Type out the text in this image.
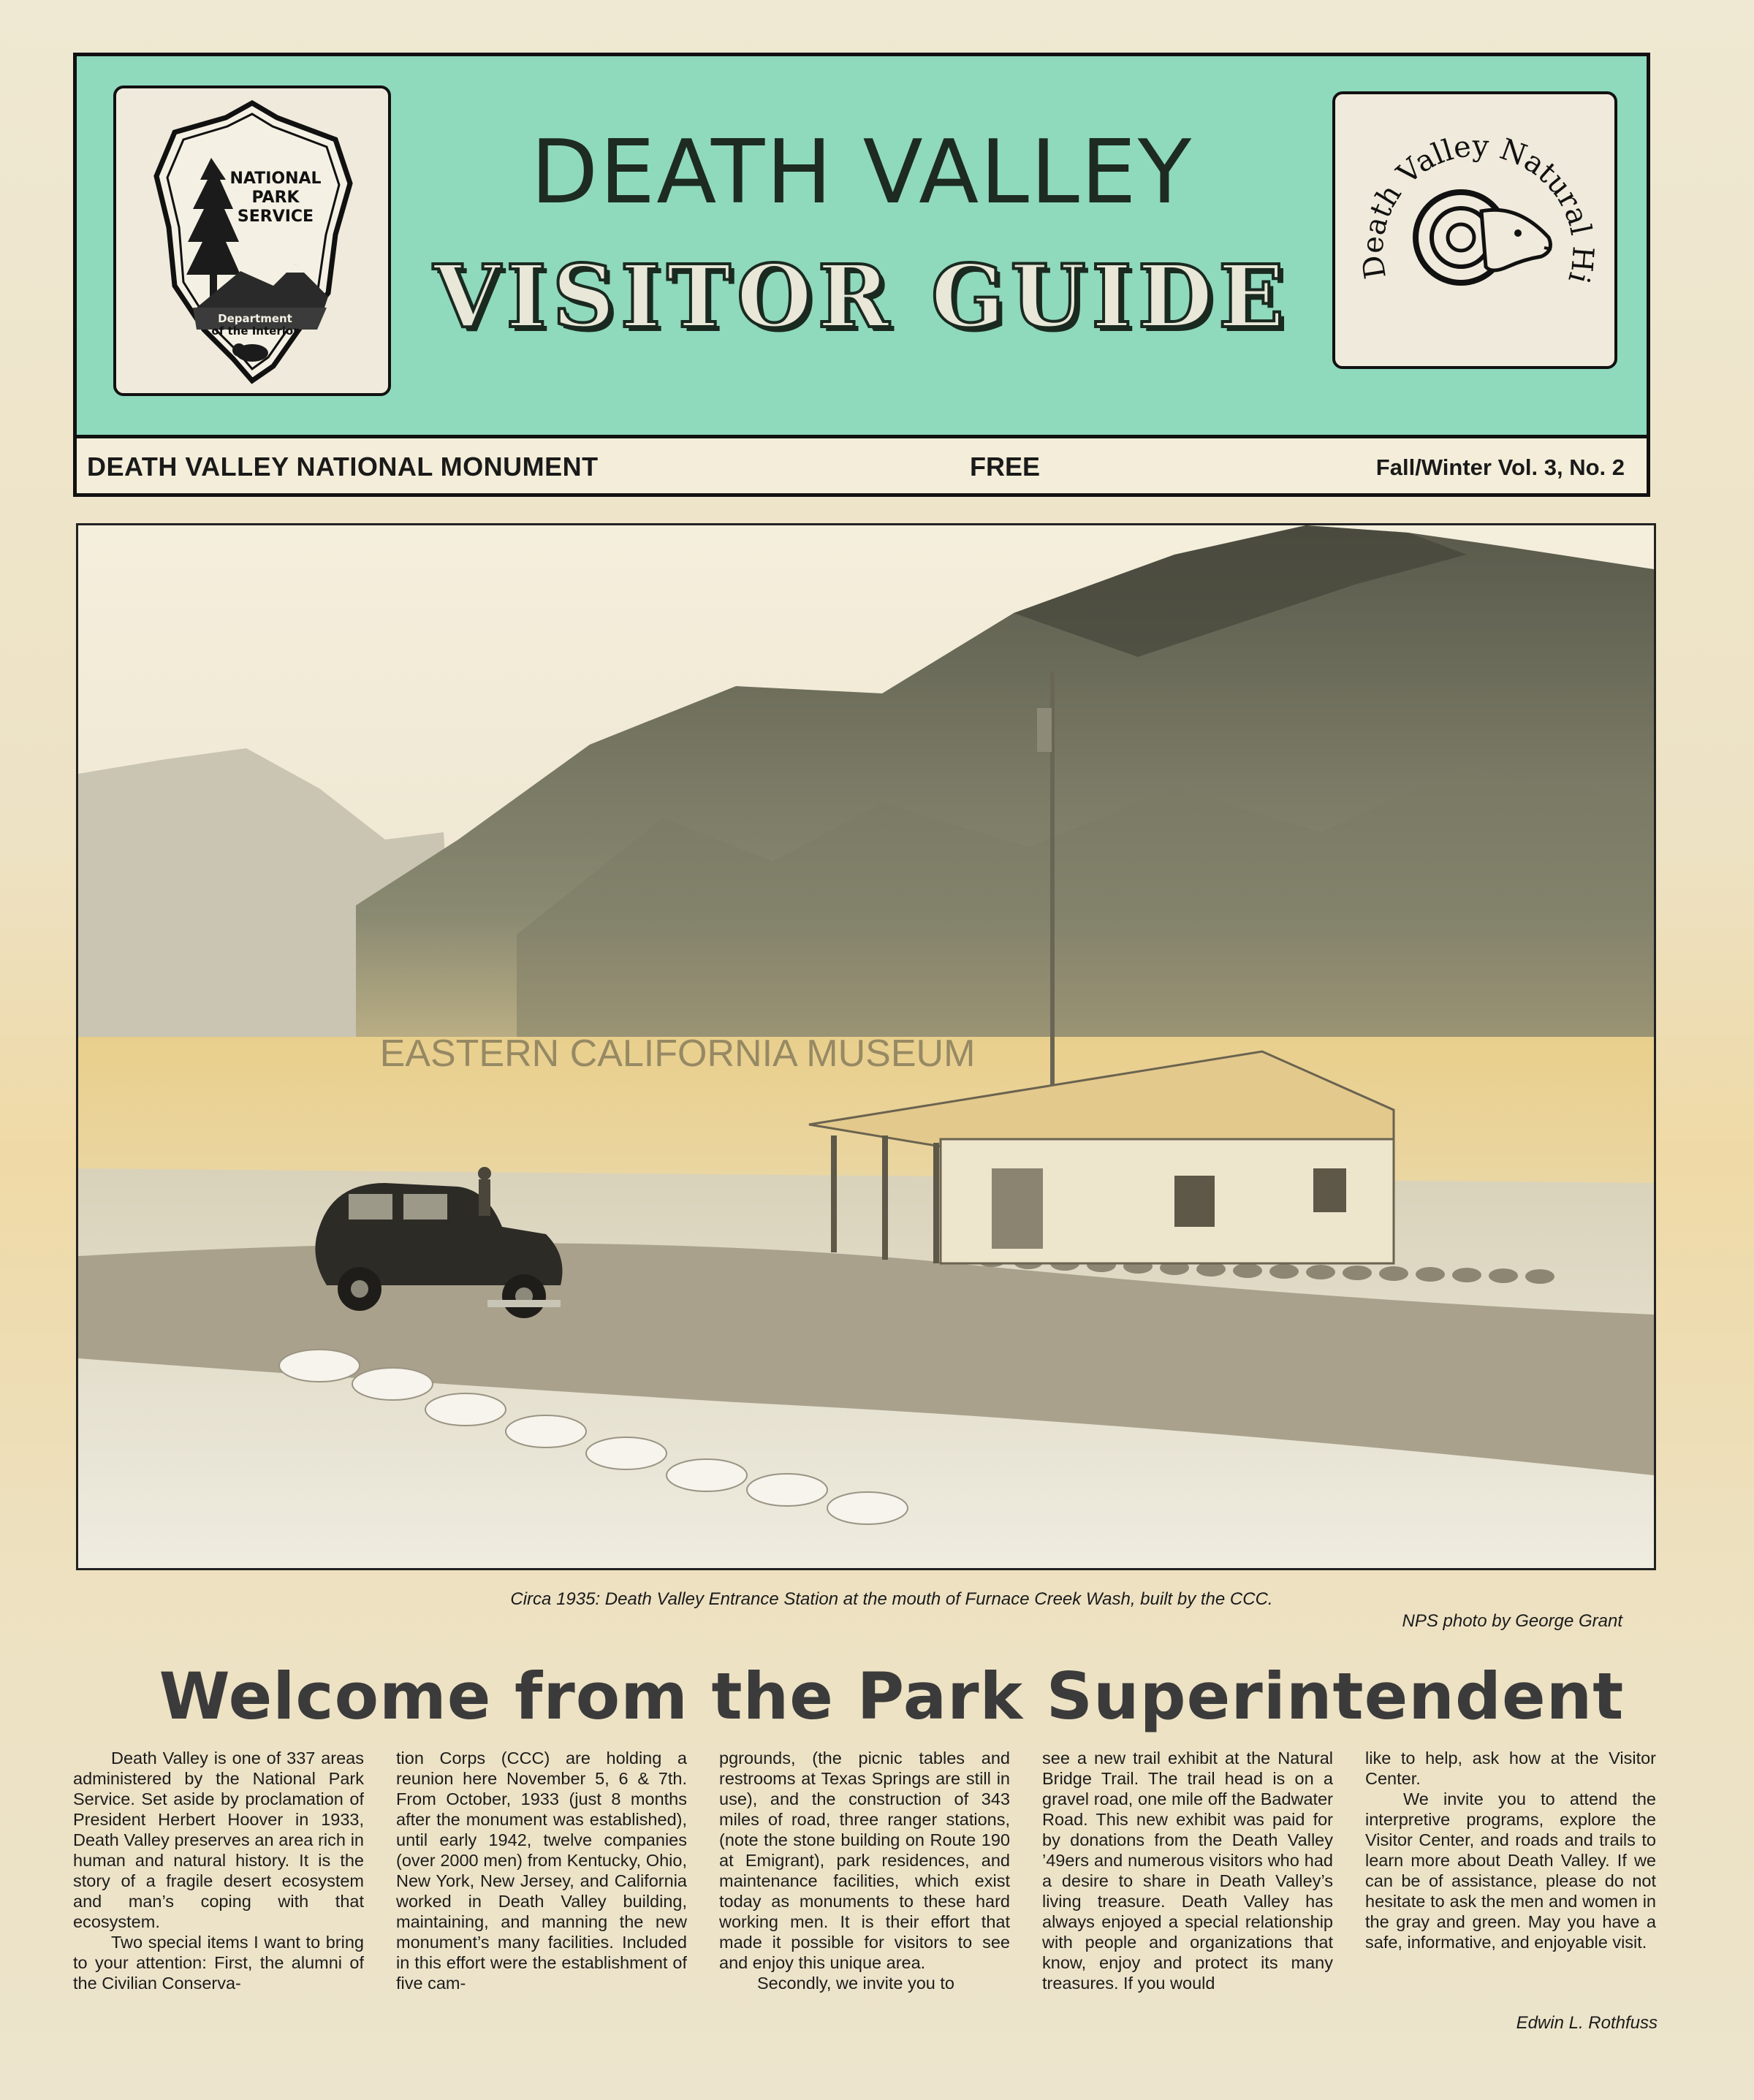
NATIONAL
PARK
SERVICE
Department
of the Interior
DEATH VALLEY
VISITOR GUIDE	Death Valley Natural Hi
DEATH VALLEY NATIONAL MONUMENT	FREE	Fall/Winter Vol. 3, No. 2
EASTERN CALIFORNIA MUSEUM
Circa 1935: Death Valley Entrance Station at the mouth of Furnace Creek Wash, built by the CCC.
NPS photo by George Grant
Welcome from the Park Superintendent

Death Valley is one of 337 areas administered by the National Park Service. Set aside by proclamation of President Herbert Hoover in 1933, Death Valley preserves an area rich in human and natural history. It is the story of a fragile desert ecosystem and man’s coping with that ecosystem.

Two special items I want to bring to your attention: First, the alumni of the Civilian Conserva-

tion Corps (CCC) are holding a reunion here November 5, 6 & 7th. From October, 1933 (just 8 months after the monument was established), until early 1942, twelve companies (over 2000 men) from Kentucky, Ohio, New York, New Jersey, and California worked in Death Valley building, maintaining, and manning the new monument’s many facilities. Included in this effort were the establishment of five cam-

pgrounds, (the picnic tables and restrooms at Texas Springs are still in use), and the construction of 343 miles of road, three ranger stations, (note the stone building on Route 190 at Emigrant), park residences, and maintenance facilities, which exist today as monuments to these hard working men. It is their effort that made it possible for visitors to see and enjoy this unique area.

Secondly, we invite you to

see a new trail exhibit at the Natural Bridge Trail. The trail head is on a gravel road, one mile off the Badwater Road. This new exhibit was paid for by donations from the Death Valley ’49ers and numerous visitors who had a desire to share in Death Valley’s living treasure. Death Valley has always enjoyed a special relationship with people and organizations that know, enjoy and protect its many treasures. If you would

like to help, ask how at the Visitor Center.

We invite you to attend the interpretive programs, explore the Visitor Center, and roads and trails to learn more about Death Valley. If we can be of assistance, please do not hesitate to ask the men and women in the gray and green. May you have a safe, informative, and enjoyable visit.

Edwin L. Rothfuss
